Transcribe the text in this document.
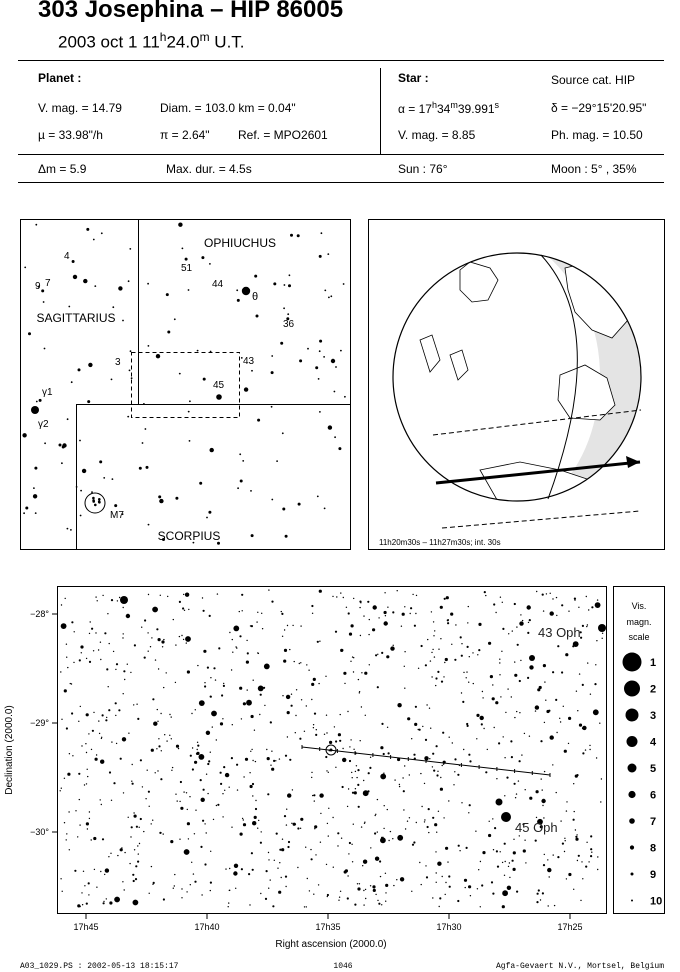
303 Josephina – HIP 86005
2003 oct 1 11$^h$24.0$^m$ U.T.
Planet :
V. mag. = 14.79	Diam. = 103.0 km = 0.04"
µ = 33.98"/h	π = 2.64" Ref. = MPO2601
Δm = 5.9	Max. dur. = 4.5s
Star :	Source cat. HIP
$\alpha = 17^h34^m39.991^s$	δ = −29°15'20.95"
V. mag. = 8.85	Ph. mag. = 10.50
Sun : 76°	Moon : 5° , 35%
OPHIUCHUS
SAGITTARIUS
SCORPIUS
4
9 7
51
44
θ
36
3	43
45
γ1
γ2
M7
11h20m30s – 11h27m30s; int. 30s
43 Oph
45 Oph
−28°
−29°
−30°
17h45	17h40	17h35	17h30	17h25
Right ascension (2000.0)
Declination (2000.0)
Vis.
magn.
scale
1
2
3
4
5
6
7
8
9
10
A03_1029.PS : 2002-05-13 18:15:17	1046	Agfa-Gevaert N.V., Mortsel, Belgium
